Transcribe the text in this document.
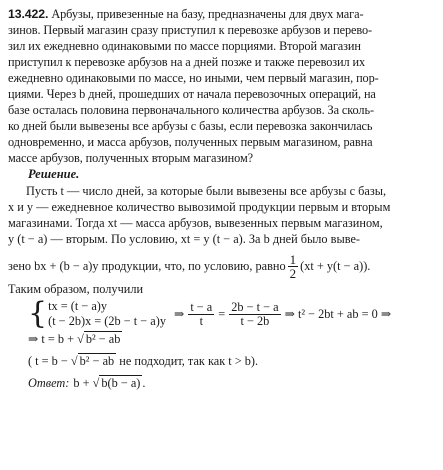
13.422. Арбузы, привезенные на базу, предназначены для двух мага-
зинов. Первый магазин сразу приступил к перевозке арбузов и перево-
зил их ежедневно одинаковыми по массе порциями. Второй магазин
приступил к перевозке арбузов на а дней позже и также перевозил их
ежедневно одинаковыми по массе, но иными, чем первый магазин, пор-
циями. Через b дней, прошедших от начала перевозочных операций, на
базе осталась половина первоначального количества арбузов. За сколь-
ко дней были вывезены все арбузы с базы, если перевозка закончилась
одновременно, и масса арбузов, полученных первым магазином, равна
массе арбузов, полученных вторым магазином?
Решение.
Пусть t — число дней, за которые были вывезены все арбузы с базы,
x и y — ежедневное количество вывозимой продукции первым и вторым
магазинами. Тогда xt — масса арбузов, вывезенных первым магазином,
y (t − a) — вторым. По условию, xt = y (t − a). За b дней было выве-
зено bx + (b − a)y продукции, что, по условию, равно $\frac{1}{2} (xt + y(t - a))$.
Таким образом, получили
{ tx = (t − a)y
(t − 2b)x = (2b − t − a)y
⇒ $\frac{t - a}{t} = \frac{2b - t - a}{t - 2b}$ ⇒ t² − 2bt + ab = 0 ⇒
⇒ t = b + √ b² − ab
( t = b − √ b² − ab не подходит, так как t > b).
Ответ: b + √ b(b − a) .
